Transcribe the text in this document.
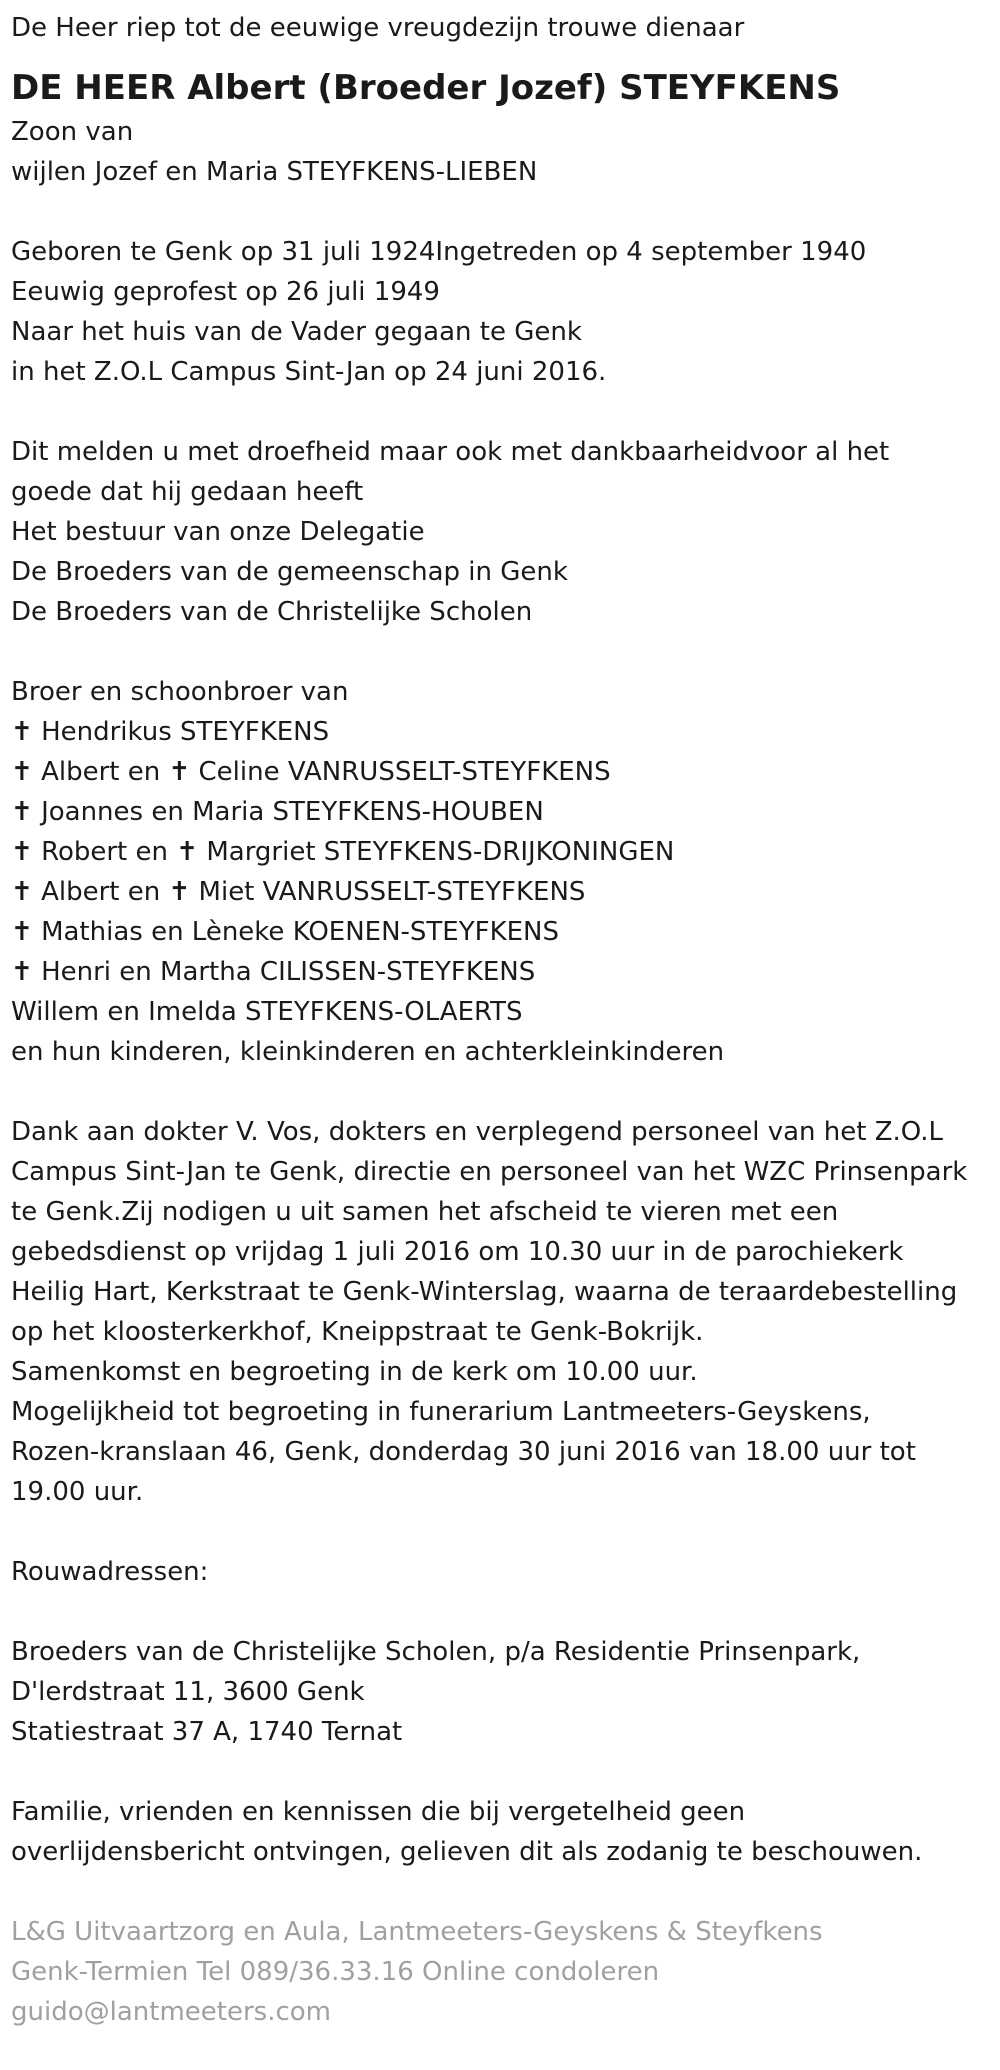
De Heer riep tot de eeuwige vreugdezijn trouwe dienaar
DE HEER Albert (Broeder Jozef) STEYFKENS
Zoon van
wijlen Jozef en Maria STEYFKENS-LIEBEN
Geboren te Genk op 31 juli 1924Ingetreden op 4 september 1940
Eeuwig geprofest op 26 juli 1949
Naar het huis van de Vader gegaan te Genk
in het Z.O.L Campus Sint-Jan op 24 juni 2016.
Dit melden u met droefheid maar ook met dankbaarheidvoor al het
goede dat hij gedaan heeft
Het bestuur van onze Delegatie
De Broeders van de gemeenschap in Genk
De Broeders van de Christelijke Scholen
Broer en schoonbroer van
✝ Hendrikus STEYFKENS
✝ Albert en ✝ Celine VANRUSSELT-STEYFKENS
✝ Joannes en Maria STEYFKENS-HOUBEN
✝ Robert en ✝ Margriet STEYFKENS-DRIJKONINGEN
✝ Albert en ✝ Miet VANRUSSELT-STEYFKENS
✝ Mathias en Lèneke KOENEN-STEYFKENS
✝ Henri en Martha CILISSEN-STEYFKENS
Willem en Imelda STEYFKENS-OLAERTS
en hun kinderen, kleinkinderen en achterkleinkinderen
Dank aan dokter V. Vos, dokters en verplegend personeel van het Z.O.L
Campus Sint-Jan te Genk, directie en personeel van het WZC Prinsenpark
te Genk.Zij nodigen u uit samen het afscheid te vieren met een
gebedsdienst op vrijdag 1 juli 2016 om 10.30 uur in de parochiekerk
Heilig Hart, Kerkstraat te Genk-Winterslag, waarna de teraardebestelling
op het kloosterkerkhof, Kneippstraat te Genk-Bokrijk.
Samenkomst en begroeting in de kerk om 10.00 uur.
Mogelijkheid tot begroeting in funerarium Lantmeeters-Geyskens,
Rozen-kranslaan 46, Genk, donderdag 30 juni 2016 van 18.00 uur tot
19.00 uur.
Rouwadressen:
Broeders van de Christelijke Scholen, p/a Residentie Prinsenpark,
D'lerdstraat 11, 3600 Genk
Statiestraat 37 A, 1740 Ternat
Familie, vrienden en kennissen die bij vergetelheid geen
overlijdensbericht ontvingen, gelieven dit als zodanig te beschouwen.
L&G Uitvaartzorg en Aula, Lantmeeters-Geyskens & Steyfkens
Genk-Termien Tel 089/36.33.16 Online condoleren
guido@lantmeeters.com
